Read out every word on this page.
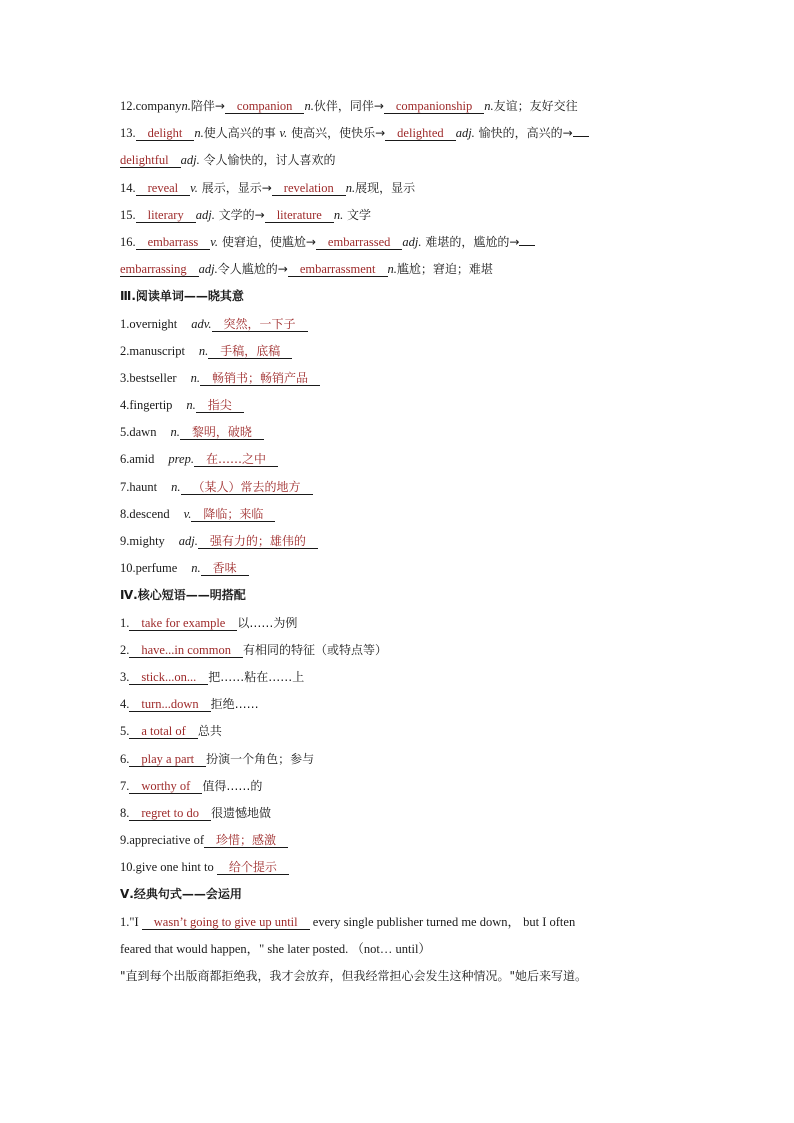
12.companyn.陪伴→ companion n.伙伴，同伴→ companionship n.友谊；友好交往
13. delight n.使人高兴的事 v. 使高兴，使快乐→ delighted adj. 愉快的，高兴的→
delightful adj. 令人愉快的，讨人喜欢的
14. reveal v. 展示，显示→ revelation n.展现，显示
15. literary adj. 文学的→ literature n. 文学
16. embarrass v. 使窘迫，使尴尬→ embarrassed adj. 难堪的，尴尬的→
embarrassing adj.令人尴尬的→ embarrassment n.尴尬；窘迫；难堪
Ⅲ.阅读单词——晓其意
1.overnight adv. 突然，一下子
2.manuscript n. 手稿，底稿
3.bestseller n. 畅销书；畅销产品
4.fingertip n. 指尖
5.dawn n. 黎明，破晓
6.amid prep. 在……之中
7.haunt n. （某人）常去的地方
8.descend v. 降临；来临
9.mighty adj. 强有力的；雄伟的
10.perfume n. 香味
Ⅳ.核心短语——明搭配
1. take for example 以……为例
2. have...in common 有相同的特征（或特点等）
3. stick...on... 把……粘在……上
4. turn...down 拒绝……
5. a total of 总共
6. play a part 扮演一个角色；参与
7. worthy of 值得……的
8. regret to do 很遗憾地做
9.appreciative of 珍惜；感激
10.give one hint to 给个提示
Ⅴ.经典句式——会运用
1."I wasn’t going to give up until every single publisher turned me down， but I often
feared that would happen，" she later posted. （not… until）
"直到每个出版商都拒绝我，我才会放弃，但我经常担心会发生这种情况。"她后来写道。
